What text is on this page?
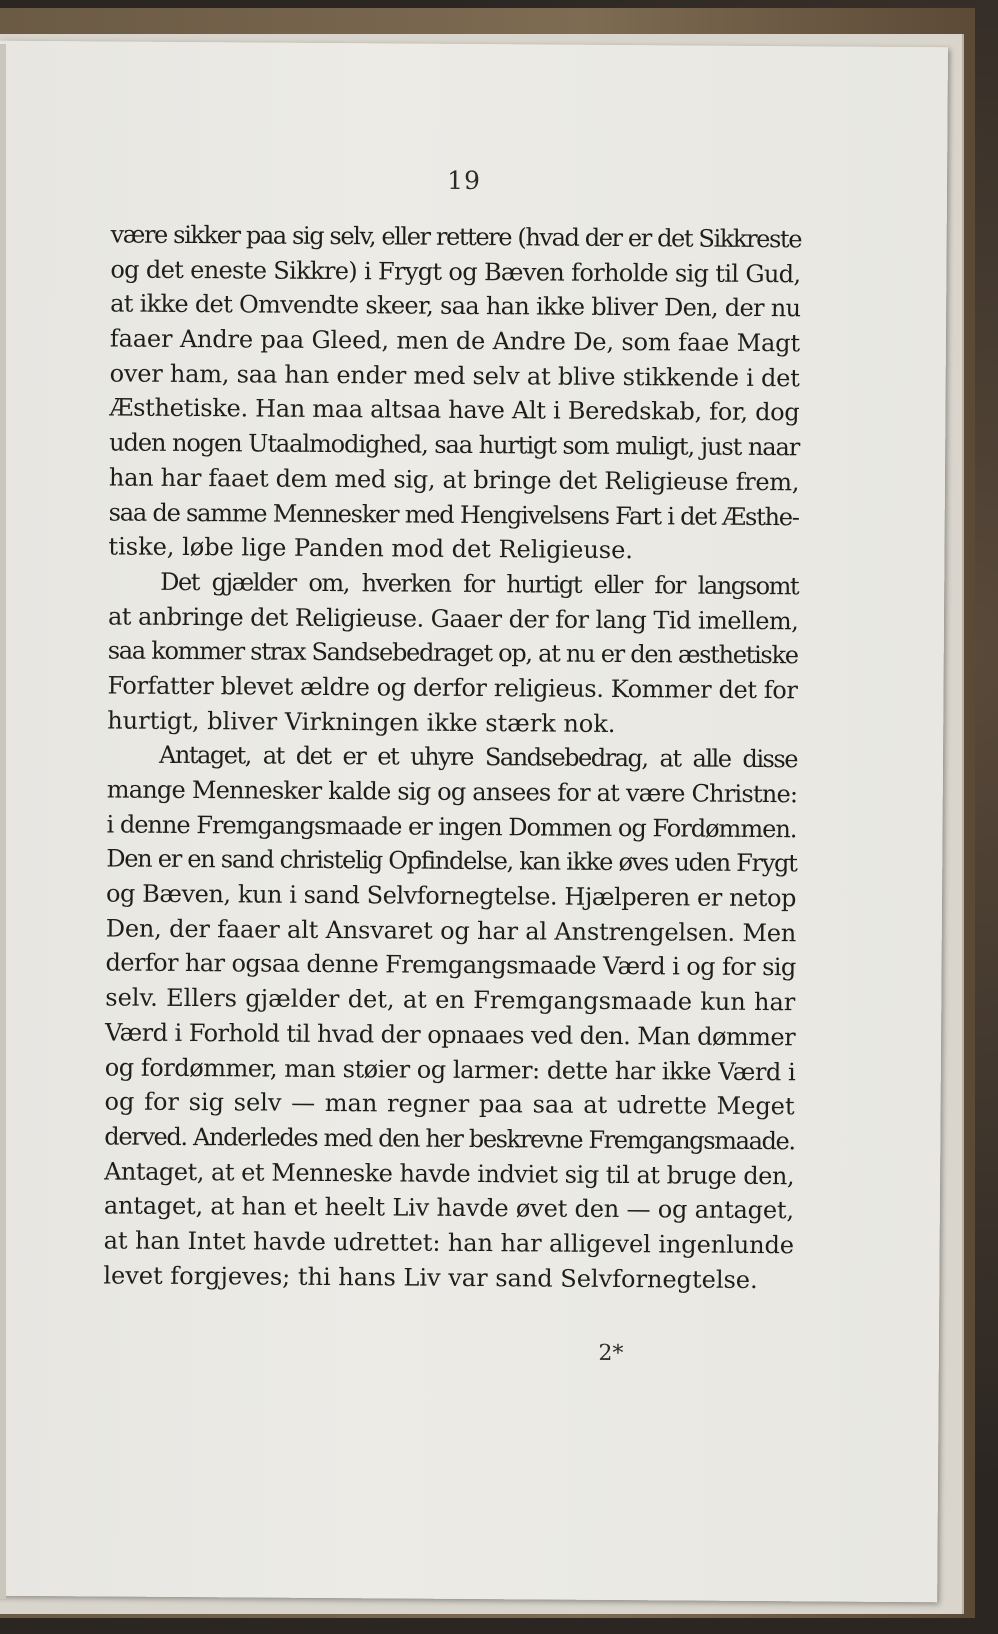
19
være sikker paa sig selv, eller rettere (hvad der er det Sikkreste
og det eneste Sikkre) i Frygt og Bæven forholde sig til Gud,
at ikke det Omvendte skeer, saa han ikke bliver Den, der nu
faaer Andre paa Gleed, men de Andre De, som faae Magt
over ham, saa han ender med selv at blive stikkende i det
Æsthetiske. Han maa altsaa have Alt i Beredskab, for, dog
uden nogen Utaalmodighed, saa hurtigt som muligt, just naar
han har faaet dem med sig, at bringe det Religieuse frem,
saa de samme Mennesker med Hengivelsens Fart i det Æsthe-
tiske, løbe lige Panden mod det Religieuse.
Det gjælder om, hverken for hurtigt eller for langsomt
at anbringe det Religieuse. Gaaer der for lang Tid imellem,
saa kommer strax Sandsebedraget op, at nu er den æsthetiske
Forfatter blevet ældre og derfor religieus. Kommer det for
hurtigt, bliver Virkningen ikke stærk nok.
Antaget, at det er et uhyre Sandsebedrag, at alle disse
mange Mennesker kalde sig og ansees for at være Christne:
i denne Fremgangsmaade er ingen Dommen og Fordømmen.
Den er en sand christelig Opfindelse, kan ikke øves uden Frygt
og Bæven, kun i sand Selvfornegtelse. Hjælperen er netop
Den, der faaer alt Ansvaret og har al Anstrengelsen. Men
derfor har ogsaa denne Fremgangsmaade Værd i og for sig
selv. Ellers gjælder det, at en Fremgangsmaade kun har
Værd i Forhold til hvad der opnaaes ved den. Man dømmer
og fordømmer, man støier og larmer: dette har ikke Værd i
og for sig selv — man regner paa saa at udrette Meget
derved. Anderledes med den her beskrevne Fremgangsmaade.
Antaget, at et Menneske havde indviet sig til at bruge den,
antaget, at han et heelt Liv havde øvet den — og antaget,
at han Intet havde udrettet: han har alligevel ingenlunde
levet forgjeves; thi hans Liv var sand Selvfornegtelse.
2*
